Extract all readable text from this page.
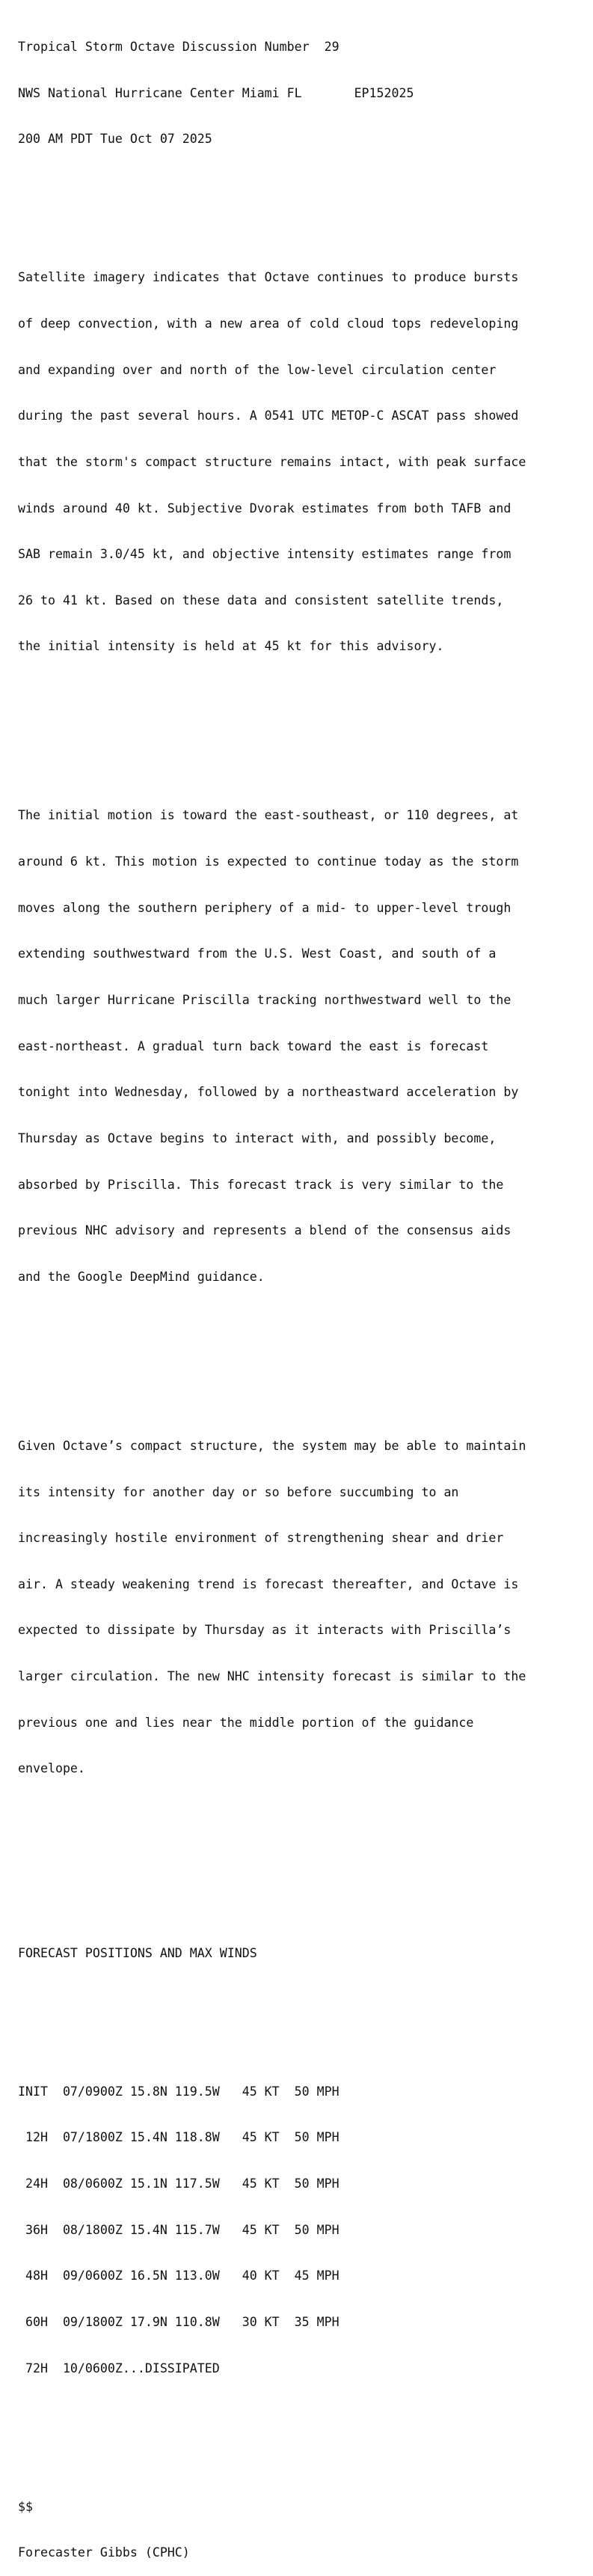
Tropical Storm Octave Discussion Number  29

NWS National Hurricane Center Miami FL       EP152025

200 AM PDT Tue Oct 07 2025

Satellite imagery indicates that Octave continues to produce bursts

of deep convection, with a new area of cold cloud tops redeveloping

and expanding over and north of the low-level circulation center

during the past several hours. A 0541 UTC METOP-C ASCAT pass showed

that the storm's compact structure remains intact, with peak surface

winds around 40 kt. Subjective Dvorak estimates from both TAFB and

SAB remain 3.0/45 kt, and objective intensity estimates range from

26 to 41 kt. Based on these data and consistent satellite trends,

the initial intensity is held at 45 kt for this advisory.

The initial motion is toward the east-southeast, or 110 degrees, at

around 6 kt. This motion is expected to continue today as the storm

moves along the southern periphery of a mid- to upper-level trough

extending southwestward from the U.S. West Coast, and south of a

much larger Hurricane Priscilla tracking northwestward well to the

east-northeast. A gradual turn back toward the east is forecast

tonight into Wednesday, followed by a northeastward acceleration by

Thursday as Octave begins to interact with, and possibly become,

absorbed by Priscilla. This forecast track is very similar to the

previous NHC advisory and represents a blend of the consensus aids

and the Google DeepMind guidance.

Given Octave’s compact structure, the system may be able to maintain

its intensity for another day or so before succumbing to an

increasingly hostile environment of strengthening shear and drier

air. A steady weakening trend is forecast thereafter, and Octave is

expected to dissipate by Thursday as it interacts with Priscilla’s

larger circulation. The new NHC intensity forecast is similar to the

previous one and lies near the middle portion of the guidance

envelope.

FORECAST POSITIONS AND MAX WINDS

INIT  07/0900Z 15.8N 119.5W   45 KT  50 MPH

12H  07/1800Z 15.4N 118.8W   45 KT  50 MPH

24H  08/0600Z 15.1N 117.5W   45 KT  50 MPH

36H  08/1800Z 15.4N 115.7W   45 KT  50 MPH

48H  09/0600Z 16.5N 113.0W   40 KT  45 MPH

60H  09/1800Z 17.9N 110.8W   30 KT  35 MPH

72H  10/0600Z...DISSIPATED

$$

Forecaster Gibbs (CPHC)
